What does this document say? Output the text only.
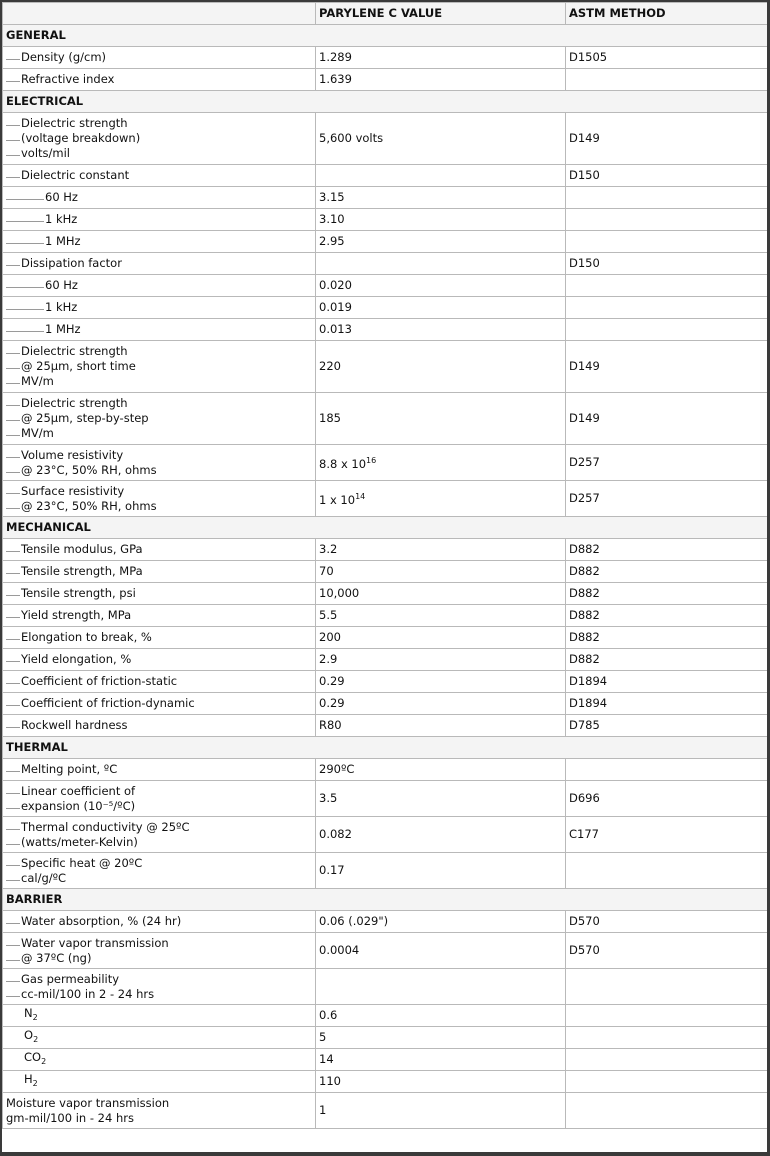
	PARYLENE C VALUE	ASTM METHOD
GENERAL		

Density (g/cm)	1.289	D1505

Refractive index	1.639	
ELECTRICAL		

Dielectric strength
(voltage breakdown)
volts/mil	5,600 volts	D149

Dielectric constant		D150

60 Hz	3.15	

1 kHz	3.10	

1 MHz	2.95	

Dissipation factor		D150

60 Hz	0.020	

1 kHz	0.019	

1 MHz	0.013	

Dielectric strength
@ 25µm, short time
MV/m	220	D149

Dielectric strength
@ 25µm, step-by-step
MV/m	185	D149

Volume resistivity
@ 23°C, 50% RH, ohms	8.8 x $10^{16}$	D257

Surface resistivity
@ 23°C, 50% RH, ohms	1 x $10^{14}$	D257
MECHANICAL		

Tensile modulus, GPa	3.2	D882

Tensile strength, MPa	70	D882

Tensile strength, psi	10,000	D882

Yield strength, MPa	5.5	D882

Elongation to break, %	200	D882

Yield elongation, %	2.9	D882

Coefficient of friction-static	0.29	D1894

Coefficient of friction-dynamic	0.29	D1894

Rockwell hardness	R80	D785
THERMAL		

Melting point, ºC	290ºC	

Linear coefficient of
expansion (10⁻⁵/ºC)	3.5	D696

Thermal conductivity @ 25ºC
(watts/meter-Kelvin)	0.082	C177

Specific heat @ 20ºC
cal/g/ºC	0.17	
BARRIER		

Water absorption, % (24 hr)	0.06 (.029")	D570

Water vapor transmission
@ 37ºC (ng)	0.0004	D570

Gas permeability
cc-mil/100 in 2 - 24 hrs		

$N_2$	0.6	
$O_2$	5	
$CO_2$	14	
$H_2$	110	

Moisture vapor transmission
gm-mil/100 in - 24 hrs	1	
